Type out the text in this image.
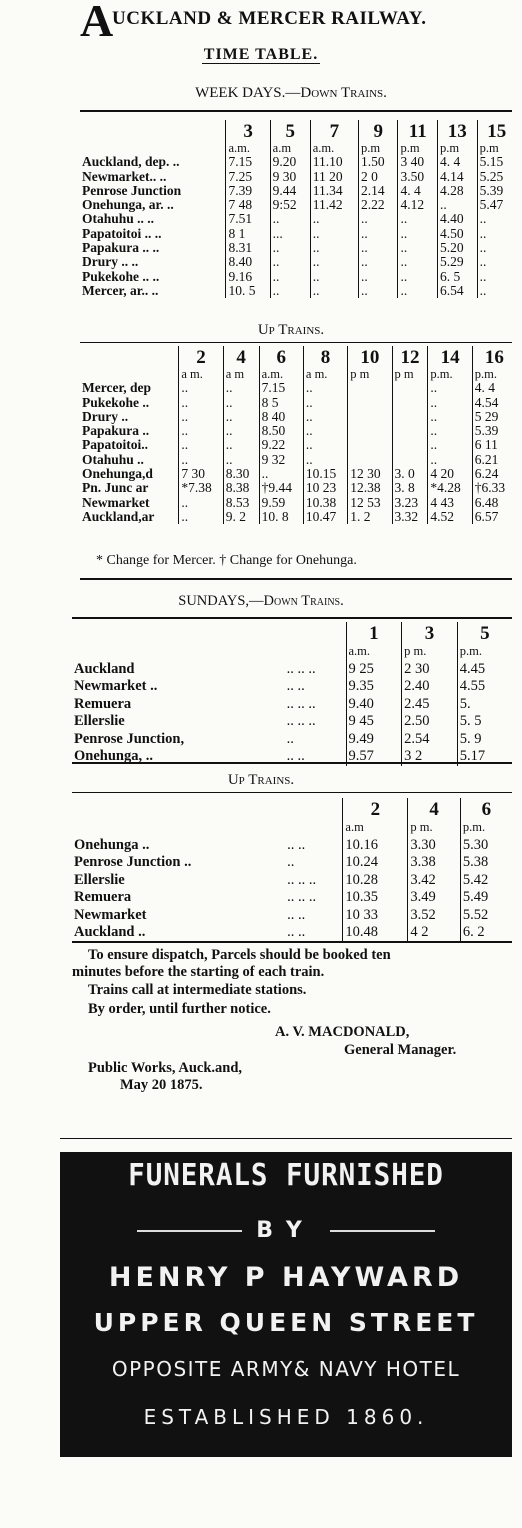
A
UCKLAND & MERCER RAILWAY.
TIME TABLE.
WEEK DAYS.—Down Trains.
	3	5	7	9	11	13	15
	a.m.	a.m	a.m.	p.m	p.m	p.m	p.m
Auckland, dep. ..	7.15	9.20	11.10	1.50	3 40	4. 4	5.15
Newmarket.. ..	7.25	9 30	11 20	2 0	3.50	4.14	5.25
Penrose Junction	7.39	9.44	11.34	2.14	4. 4	4.28	5.39
Onehunga, ar. ..	7 48	9:52	11.42	2.22	4.12	..	5.47
Otahuhu .. ..	7.51	..	..	..	..	4.40	..
Papatoitoi .. ..	8 1	...	..	..	..	4.50	..
Papakura .. ..	8.31	..	..	..	..	5.20	..
Drury .. ..	8.40	..	..	..	..	5.29	..
Pukekohe .. ..	9.16	..	..	..	..	6. 5	..
Mercer, ar.. ..	10. 5	..	..	..	..	6.54	..
Up Trains.
	2	4	6	8	10	12	14	16
	a m.	a m	a.m.	a m.	p m	p m	p.m.	p.m.
Mercer, dep	..	..	7.15	..			..	4. 4
Pukekohe ..	..	..	8 5	..			..	4.54
Drury ..	..	..	8 40	..			..	5 29
Papakura ..	..	..	8.50	..			..	5.39
Papatoitoi..	..	..	9.22	..			..	6 11
Otahuhu ..	..	..	9 32	..			..	6.21
Onehunga,d	7 30	8.30	..	10.15	12 30	3. 0	4 20	6.24
Pn. Junc ar	*7.38	8.38	†9.44	10 23	12.38	3. 8	*4.28	†6.33
Newmarket	..	8.53	9.59	10.38	12 53	3.23	4 43	6.48
Auckland,ar	..	9. 2	10. 8	10.47	1. 2	3.32	4.52	6.57
* Change for Mercer. † Change for Onehunga.
SUNDAYS,—Down Trains.
		1	3	5
		a.m.	p m.	p.m.
Auckland	.. .. ..	9 25	2 30	4.45
Newmarket ..	.. ..	9.35	2.40	4.55
Remuera	.. .. ..	9.40	2.45	5.
Ellerslie	.. .. ..	9 45	2.50	5. 5
Penrose Junction,	..	9.49	2.54	5. 9
Onehunga, ..	.. ..	9.57	3 2	5.17
Up Trains.
		2	4	6
		a.m	p m.	p.m.
Onehunga ..	.. ..	10.16	3.30	5.30
Penrose Junction ..	..	10.24	3.38	5.38
Ellerslie	.. .. ..	10.28	3.42	5.42
Remuera	.. .. ..	10.35	3.49	5.49
Newmarket	.. ..	10 33	3.52	5.52
Auckland ..	.. ..	10.48	4 2	6. 2
To ensure dispatch, Parcels should be booked ten
minutes before the starting of each train.
Trains call at intermediate stations.
By order, until further notice.
A. V. MACDONALD,
General Manager.
Public Works, Auck.and,
May 20 1875.
FUNERALS FURNISHED
BY
HENRY P HAYWARD
UPPER QUEEN STREET
OPPOSITE ARMY& NAVY HOTEL
ESTABLISHED 1860.
